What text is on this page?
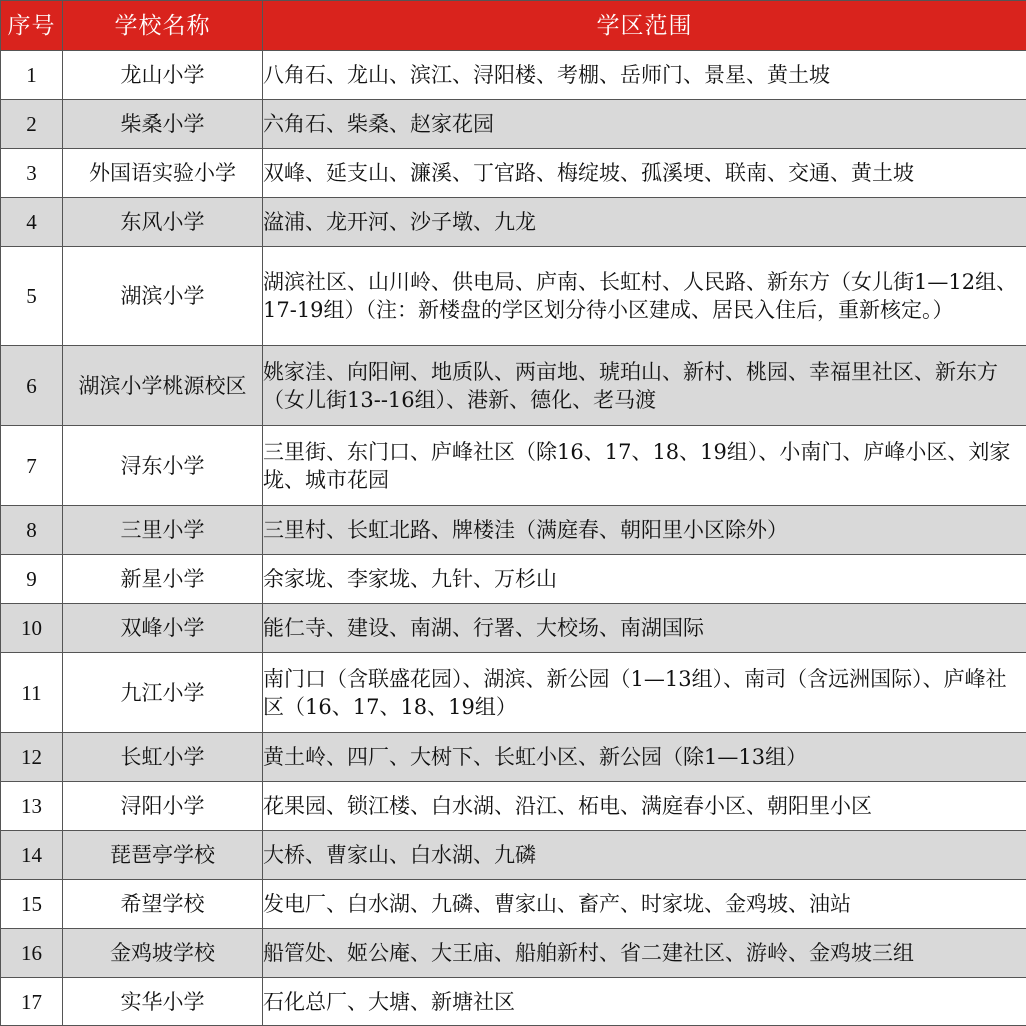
序号	学校名称	学区范围
1	龙山小学	八角石、龙山、滨江、浔阳楼、考棚、岳师门、景星、黄土坡
2	柴桑小学	六角石、柴桑、赵家花园
3	外国语实验小学	双峰、延支山、濂溪、丁官路、梅绽坡、孤溪埂、联南、交通、黄土坡
4	东风小学	湓浦、龙开河、沙子墩、九龙
5	湖滨小学	湖滨社区、山川岭、供电局、庐南、长虹村、人民路、新东方（女儿街1—12组、17-19组）（注：新楼盘的学区划分待小区建成、居民入住后，重新核定。）
6	湖滨小学桃源校区	姚家洼、向阳闸、地质队、两亩地、琥珀山、新村、桃园、幸福里社区、新东方（女儿街13--16组）、港新、德化、老马渡
7	浔东小学	三里街、东门口、庐峰社区（除16、17、18、19组）、小南门、庐峰小区、刘家垅、城市花园
8	三里小学	三里村、长虹北路、牌楼洼（满庭春、朝阳里小区除外）
9	新星小学	余家垅、李家垅、九针、万杉山
10	双峰小学	能仁寺、建设、南湖、行署、大校场、南湖国际
11	九江小学	南门口（含联盛花园）、湖滨、新公园（1—13组）、南司（含远洲国际）、庐峰社区（16、17、18、19组）
12	长虹小学	黄土岭、四厂、大树下、长虹小区、新公园（除1—13组）
13	浔阳小学	花果园、锁江楼、白水湖、沿江、柘电、满庭春小区、朝阳里小区
14	琵琶亭学校	大桥、曹家山、白水湖、九磷
15	希望学校	发电厂、白水湖、九磷、曹家山、畜产、时家垅、金鸡坡、油站
16	金鸡坡学校	船管处、姬公庵、大王庙、船舶新村、省二建社区、游岭、金鸡坡三组
17	实华小学	石化总厂、大塘、新塘社区
